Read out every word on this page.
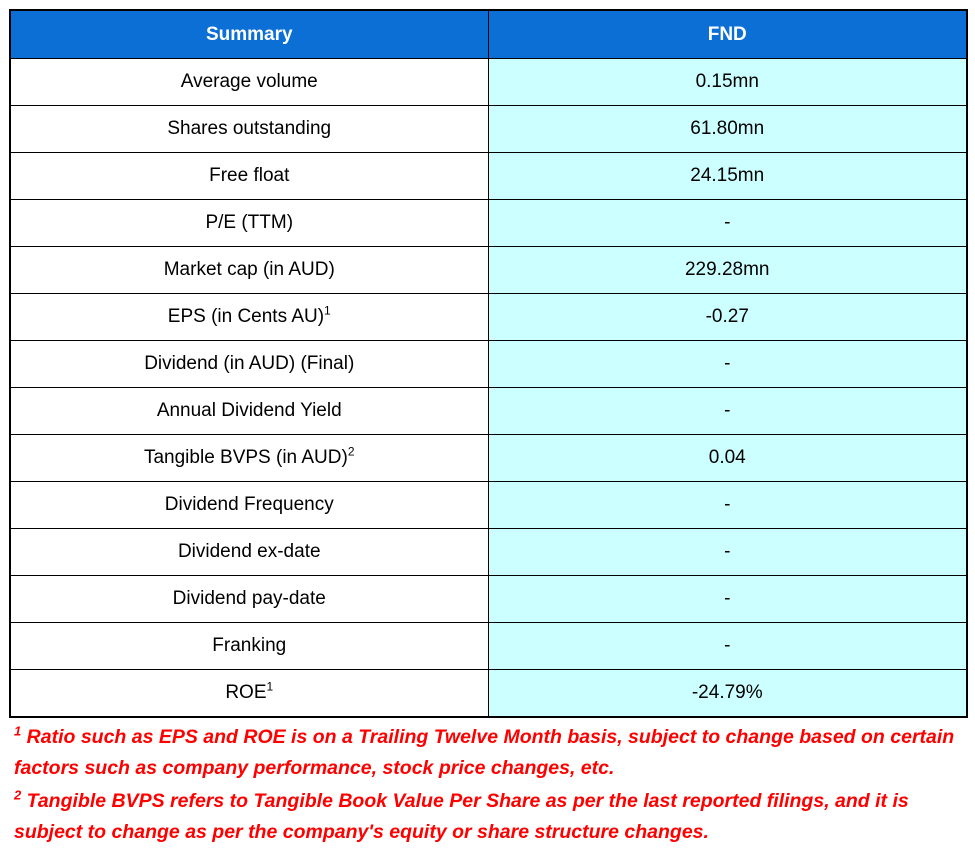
Summary	FND
Average volume	0.15mn
Shares outstanding	61.80mn
Free float	24.15mn
P/E (TTM)	-
Market cap (in AUD)	229.28mn
EPS (in Cents AU)$^1$	-0.27
Dividend (in AUD) (Final)	-
Annual Dividend Yield	-
Tangible BVPS (in AUD)$^2$	0.04
Dividend Frequency	-
Dividend ex-date	-
Dividend pay-date	-
Franking	-
ROE$^1$	-24.79%

$^1$ Ratio such as EPS and ROE is on a Trailing Twelve Month basis, subject to change based on certain factors such as company performance, stock price changes, etc.

$^2$ Tangible BVPS refers to Tangible Book Value Per Share as per the last reported filings, and it is subject to change as per the company's equity or share structure changes.
